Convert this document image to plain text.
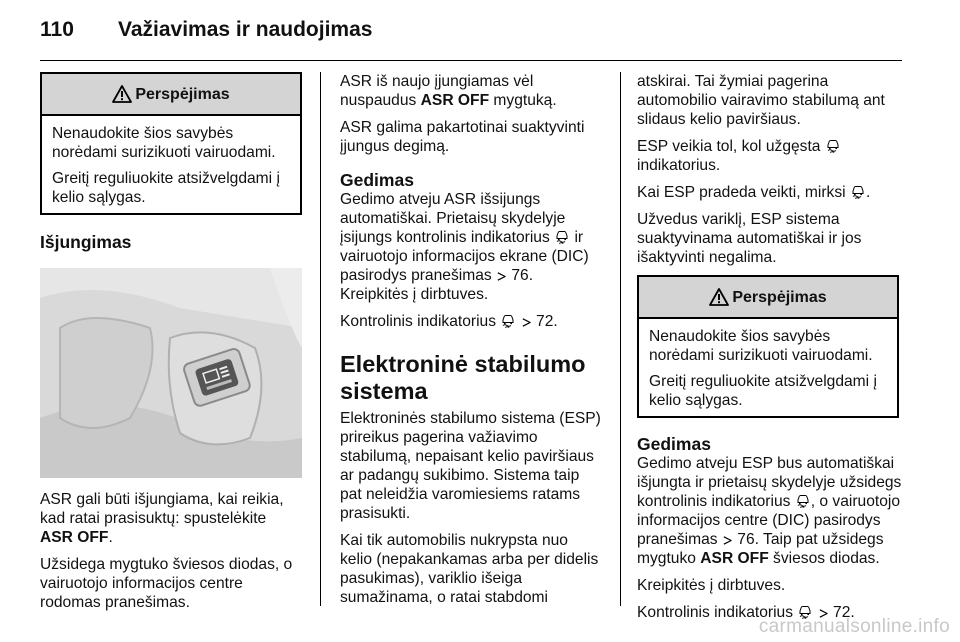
110	Važiavimas ir naudojimas
Perspėjimas

Nenaudokite šios savybės norėdami surizikuoti vairuodami.

Greitį reguliuokite atsižvelgdami į kelio sąlygas.

Išjungimas

ASR gali būti išjungiama, kai reikia, kad ratai prasisuktų: spustelėkite
ASR OFF.

Užsidega mygtuko šviesos diodas, o vairuotojo informacijos centre rodomas pranešimas.

ASR iš naujo įjungiamas vėl nuspaudus ASR OFF mygtuką.

ASR galima pakartotinai suaktyvinti įjungus degimą.

Gedimas

Gedimo atveju ASR išsijungs automatiškai. Prietaisų skydelyje įsijungs kontrolinis indikatorius ir vairuotojo informacijos ekrane (DIC) pasirodys pranešimas 76.

Kreipkitės į dirbtuves.

Kontrolinis indikatorius	72.

Elektroninė stabilumo sistema

Elektroninės stabilumo sistema (ESP) prireikus pagerina važiavimo stabilumą, nepaisant kelio paviršiaus ar padangų sukibimo. Sistema taip pat neleidžia varomiesiems ratams prasisukti.

Kai tik automobilis nukrypsta nuo kelio (nepakankamas arba per didelis pasukimas), variklio išeiga sumažinama, o ratai stabdomi

atskirai. Tai žymiai pagerina automobilio vairavimo stabilumą ant slidaus kelio paviršiaus.

ESP veikia tol, kol užgęsta
indikatorius.

Kai ESP pradeda veikti, mirksi .

Užvedus variklį, ESP sistema suaktyvinama automatiškai ir jos išaktyvinti negalima.

Perspėjimas

Nenaudokite šios savybės norėdami surizikuoti vairuodami.

Greitį reguliuokite atsižvelgdami į kelio sąlygas.

Gedimas

Gedimo atveju ESP bus automatiškai išjungta ir prietaisų skydelyje užsidegs kontrolinis indikatorius , o vairuotojo informacijos centre (DIC) pasirodys pranešimas 76. Taip pat užsidegs mygtuko ASR OFF šviesos diodas.

Kreipkitės į dirbtuves.

Kontrolinis indikatorius	72.

carmanualsonline.info
